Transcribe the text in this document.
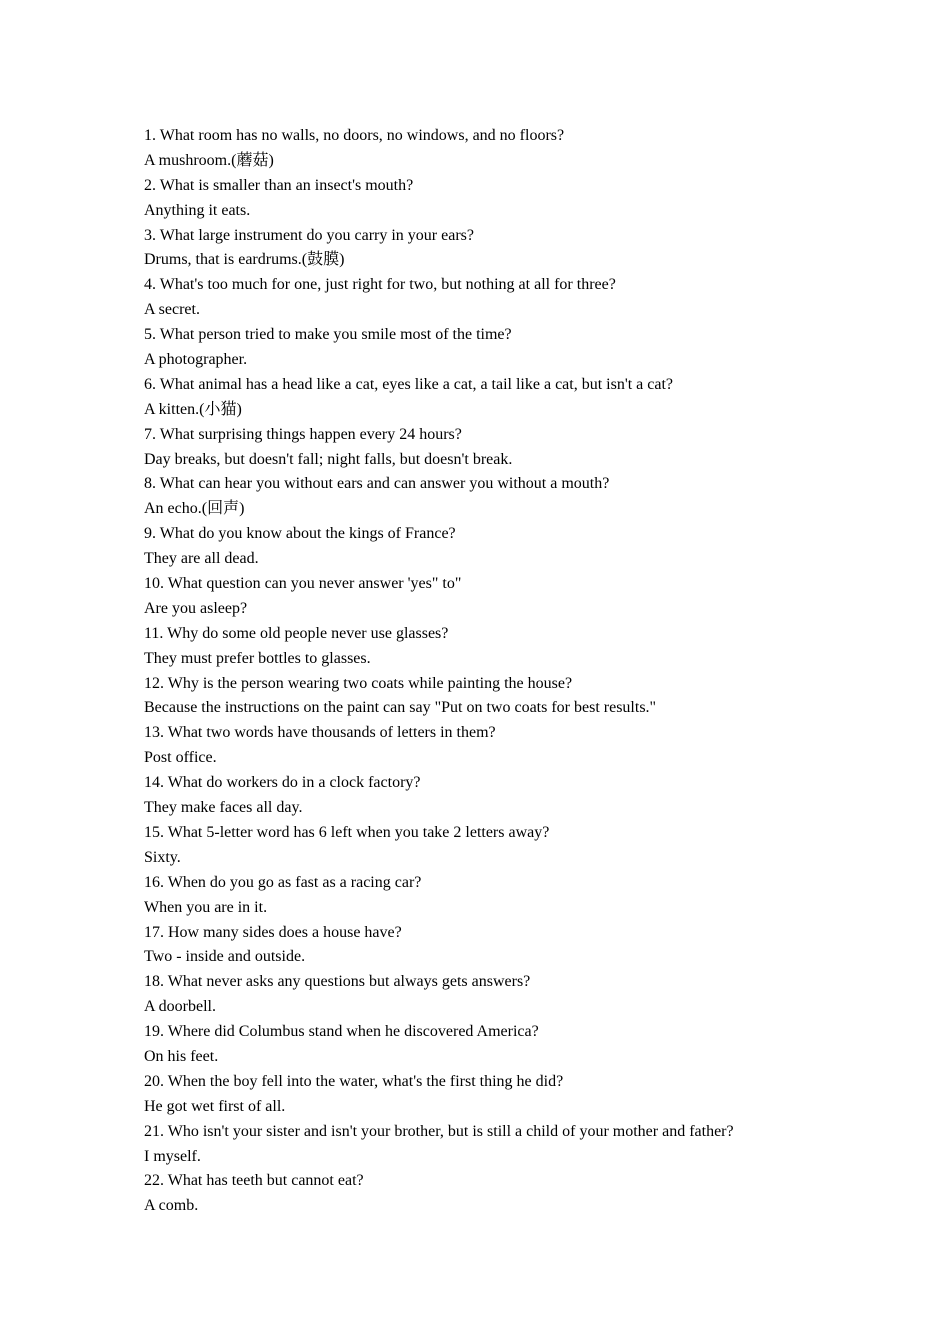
1. What room has no walls, no doors, no windows, and no floors?
A mushroom.(蘑菇)
2. What is smaller than an insect's mouth?
Anything it eats.
3. What large instrument do you carry in your ears?
Drums, that is eardrums.(鼓膜)
4. What's too much for one, just right for two, but nothing at all for three?
A secret.
5. What person tried to make you smile most of the time?
A photographer.
6. What animal has a head like a cat, eyes like a cat, a tail like a cat, but isn't a cat?
A kitten.(小猫)
7. What surprising things happen every 24 hours?
Day breaks, but doesn't fall; night falls, but doesn't break.
8. What can hear you without ears and can answer you without a mouth?
An echo.(回声)
9. What do you know about the kings of France?
They are all dead.
10. What question can you never answer 'yes" to"
Are you asleep?
11. Why do some old people never use glasses?
They must prefer bottles to glasses.
12. Why is the person wearing two coats while painting the house?
Because the instructions on the paint can say "Put on two coats for best results."
13. What two words have thousands of letters in them?
Post office.
14. What do workers do in a clock factory?
They make faces all day.
15. What 5-letter word has 6 left when you take 2 letters away?
Sixty.
16. When do you go as fast as a racing car?
When you are in it.
17. How many sides does a house have?
Two - inside and outside.
18. What never asks any questions but always gets answers?
A doorbell.
19. Where did Columbus stand when he discovered America?
On his feet.
20. When the boy fell into the water, what's the first thing he did?
He got wet first of all.
21. Who isn't your sister and isn't your brother, but is still a child of your mother and father?
I myself.
22. What has teeth but cannot eat?
A comb.
